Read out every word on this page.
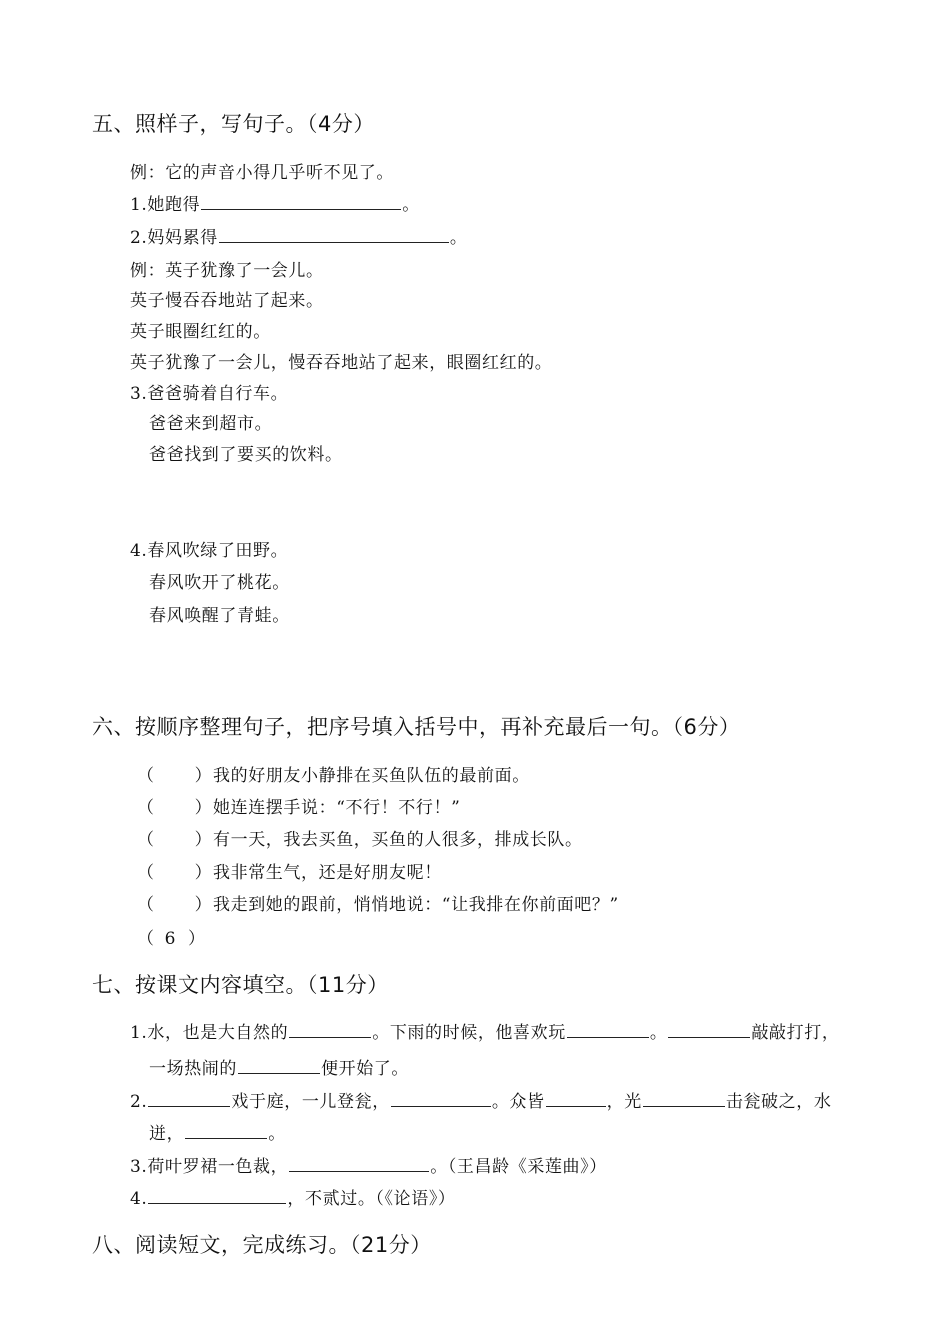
五、照样子，写句子。（4分）
例：它的声音小得几乎听不见了。
1.她跑得	。
2.妈妈累得	。
例：英子犹豫了一会儿。
英子慢吞吞地站了起来。
英子眼圈红红的。
英子犹豫了一会儿，慢吞吞地站了起来，眼圈红红的。
3.爸爸骑着自行车。
爸爸来到超市。
爸爸找到了要买的饮料。
4.春风吹绿了田野。
春风吹开了桃花。
春风唤醒了青蛙。
六、按顺序整理句子，把序号填入括号中，再补充最后一句。（6分）
（ ）我的好朋友小静排在买鱼队伍的最前面。
（ ）她连连摆手说：“不行！不行！”
（ ）有一天，我去买鱼，买鱼的人很多，排成长队。
（ ）我非常生气，还是好朋友呢！
（ ）我走到她的跟前，悄悄地说：“让我排在你前面吧？”
（ 6 ）
七、按课文内容填空。（11分）
1.水，也是大自然的	。下雨的时候，他喜欢玩	。	敲敲打打，
一场热闹的	便开始了。
2.	戏于庭，一儿登瓮，	。众皆	，光	击瓮破之，水
迸，	。
3.荷叶罗裙一色裁，	。（王昌龄《采莲曲》）
4.	，不贰过。（《论语》）
八、阅读短文，完成练习。（21分）
